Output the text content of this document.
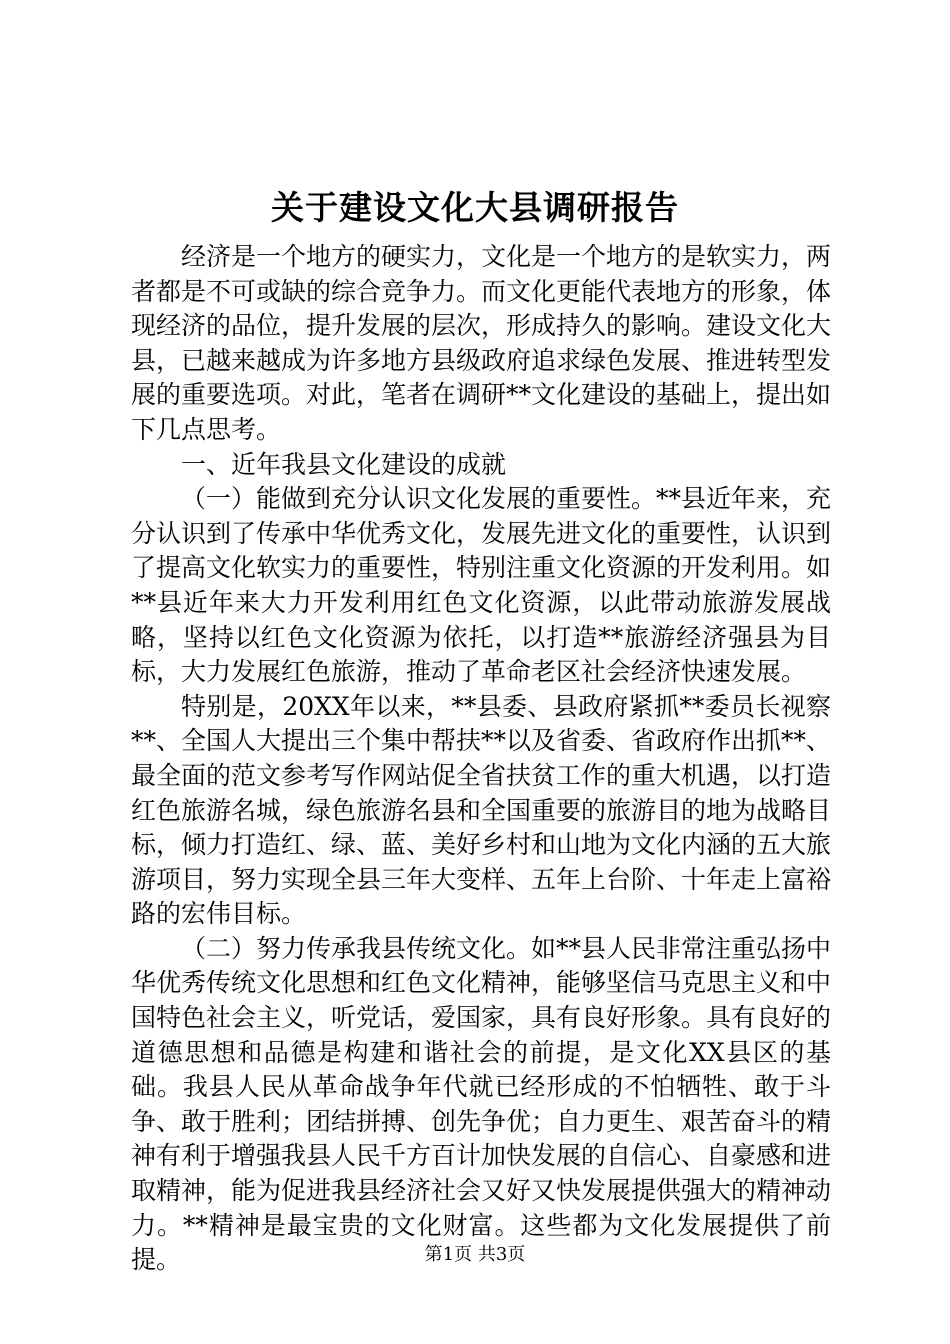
关于建设文化大县调研报告

经济是一个地方的硬实力，文化是一个地方的是软实力，两者都是不可或缺的综合竞争力。而文化更能代表地方的形象，体现经济的品位，提升发展的层次，形成持久的影响。建设文化大县，已越来越成为许多地方县级政府追求绿色发展、推进转型发展的重要选项。对此，笔者在调研**文化建设的基础上，提出如下几点思考。

一、近年我县文化建设的成就

（一）能做到充分认识文化发展的重要性。**县近年来，充分认识到了传承中华优秀文化，发展先进文化的重要性，认识到了提高文化软实力的重要性，特别注重文化资源的开发利用。如**县近年来大力开发利用红色文化资源，以此带动旅游发展战略，坚持以红色文化资源为依托，以打造**旅游经济强县为目标，大力发展红色旅游，推动了革命老区社会经济快速发展。

特别是，20XX年以来，**县委、县政府紧抓**委员长视察**、全国人大提出三个集中帮扶**以及省委、省政府作出抓**、最全面的范文参考写作网站促全省扶贫工作的重大机遇，以打造红色旅游名城，绿色旅游名县和全国重要的旅游目的地为战略目标，倾力打造红、绿、蓝、美好乡村和山地为文化内涵的五大旅游项目，努力实现全县三年大变样、五年上台阶、十年走上富裕路的宏伟目标。

（二）努力传承我县传统文化。如**县人民非常注重弘扬中华优秀传统文化思想和红色文化精神，能够坚信马克思主义和中国特色社会主义，听党话，爱国家，具有良好形象。具有良好的道德思想和品德是构建和谐社会的前提，是文化XX县区的基础。我县人民从革命战争年代就已经形成的不怕牺牲、敢于斗争、敢于胜利；团结拼搏、创先争优；自力更生、艰苦奋斗的精神有利于增强我县人民千方百计加快发展的自信心、自豪感和进取精神，能为促进我县经济社会又好又快发展提供强大的精神动力。**精神是最宝贵的文化财富。这些都为文化发展提供了前提。	第1页 共3页
